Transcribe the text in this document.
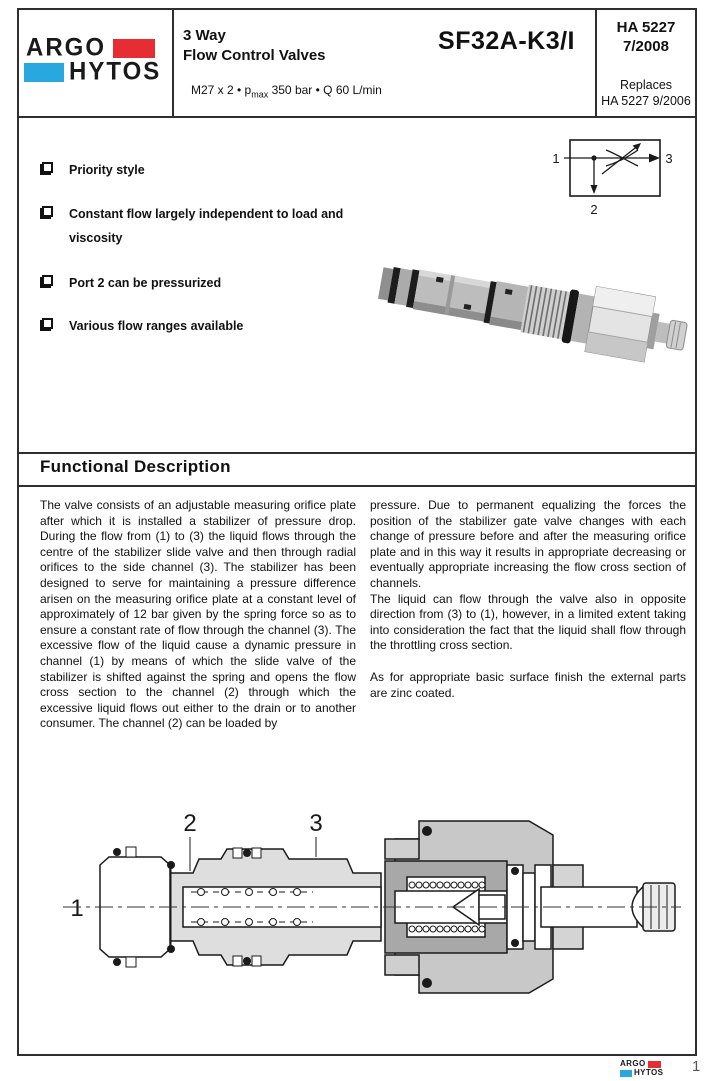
ARGO
HYTOS
3 Way
Flow Control Valves
M27 x 2 • $p_{max}$ 350 bar • Q 60 L/min
SF32A-K3/I	HA 5227
7/2008
Replaces
HA 5227 9/2006
Priority style
Constant flow largely independent to load and viscosity
Port 2 can be pressurized
Various flow ranges available
1	3
2
Functional Description

The valve consists of an adjustable measuring orifice plate after which it is installed a stabilizer of pressure drop. During the flow from (1) to (3) the liquid flows through the centre of the stabilizer slide valve and then through radial orifices to the side channel (3). The stabilizer has been designed to serve for maintaining a pressure difference arisen on the measuring orifice plate at a constant level of approximately of 12 bar given by the spring force so as to ensure a constant rate of flow through the channel (3). The excessive flow of the liquid cause a dynamic pressure in channel (1) by means of which the slide valve of the stabilizer is shifted against the spring and opens the flow cross section to the channel (2) through which the excessive liquid flows out either to the drain or to another consumer. The channel (2) can be loaded by

pressure. Due to permanent equalizing the forces the position of the stabilizer gate valve changes with each change of pressure before and after the measuring orifice plate and in this way it results in appropriate decreasing or eventually appropriate increasing the flow cross section of channels.

The liquid can flow through the valve also in opposite direction from (3) to (1), however, in a limited extent taking into consideration the fact that the liquid shall flow through the throttling cross section.

As for appropriate basic surface finish the external parts are zinc coated.

1
2	3
ARGO
HYTOS 1
